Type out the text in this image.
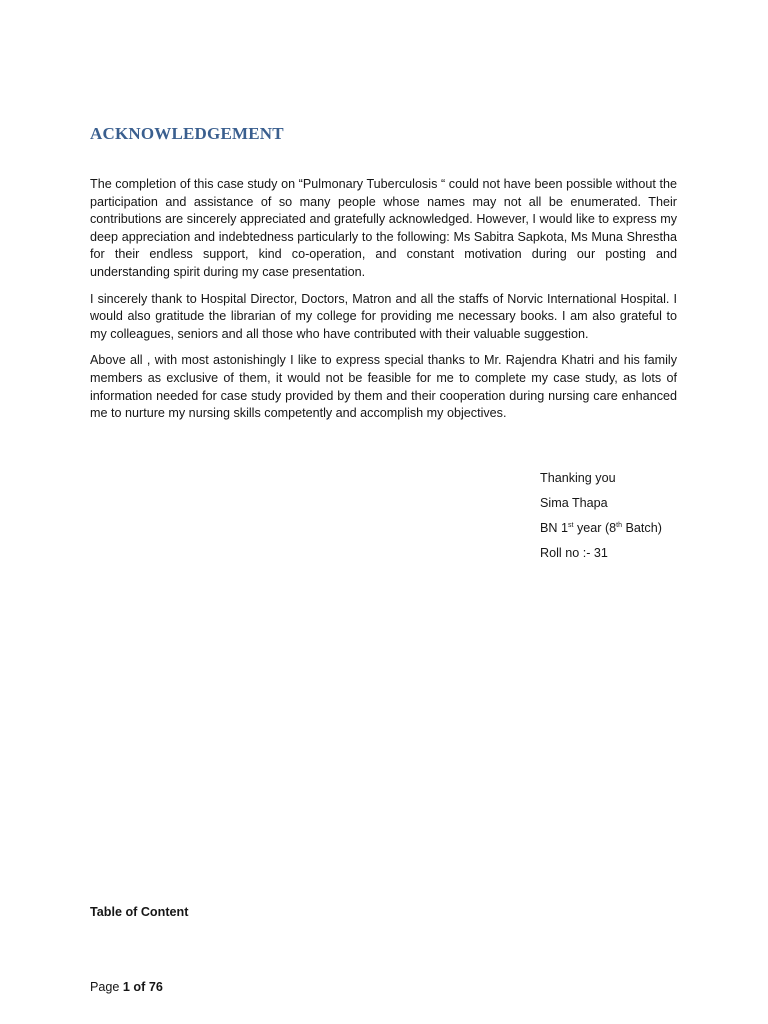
ACKNOWLEDGEMENT

The completion of this case study on “Pulmonary Tuberculosis “ could not have been possible without the participation and assistance of so many people whose names may not all be enumerated. Their contributions are sincerely appreciated and gratefully acknowledged. However, I would like to express my deep appreciation and indebtedness particularly to the following: Ms Sabitra Sapkota, Ms Muna Shrestha for their endless support, kind co-operation, and constant motivation during our posting and understanding spirit during my case presentation.

I sincerely thank to Hospital Director, Doctors, Matron and all the staffs of Norvic International Hospital. I would also gratitude the librarian of my college for providing me necessary books. I am also grateful to my colleagues, seniors and all those who have contributed with their valuable suggestion.

Above all , with most astonishingly I like to express special thanks to Mr. Rajendra Khatri and his family members as exclusive of them, it would not be feasible for me to complete my case study, as lots of information needed for case study provided by them and their cooperation during nursing care enhanced me to nurture my nursing skills competently and accomplish my objectives.

Thanking you
Sima Thapa
BN 1st year (8th Batch)
Roll no :- 31
Table of Content
Page 1 of 76
